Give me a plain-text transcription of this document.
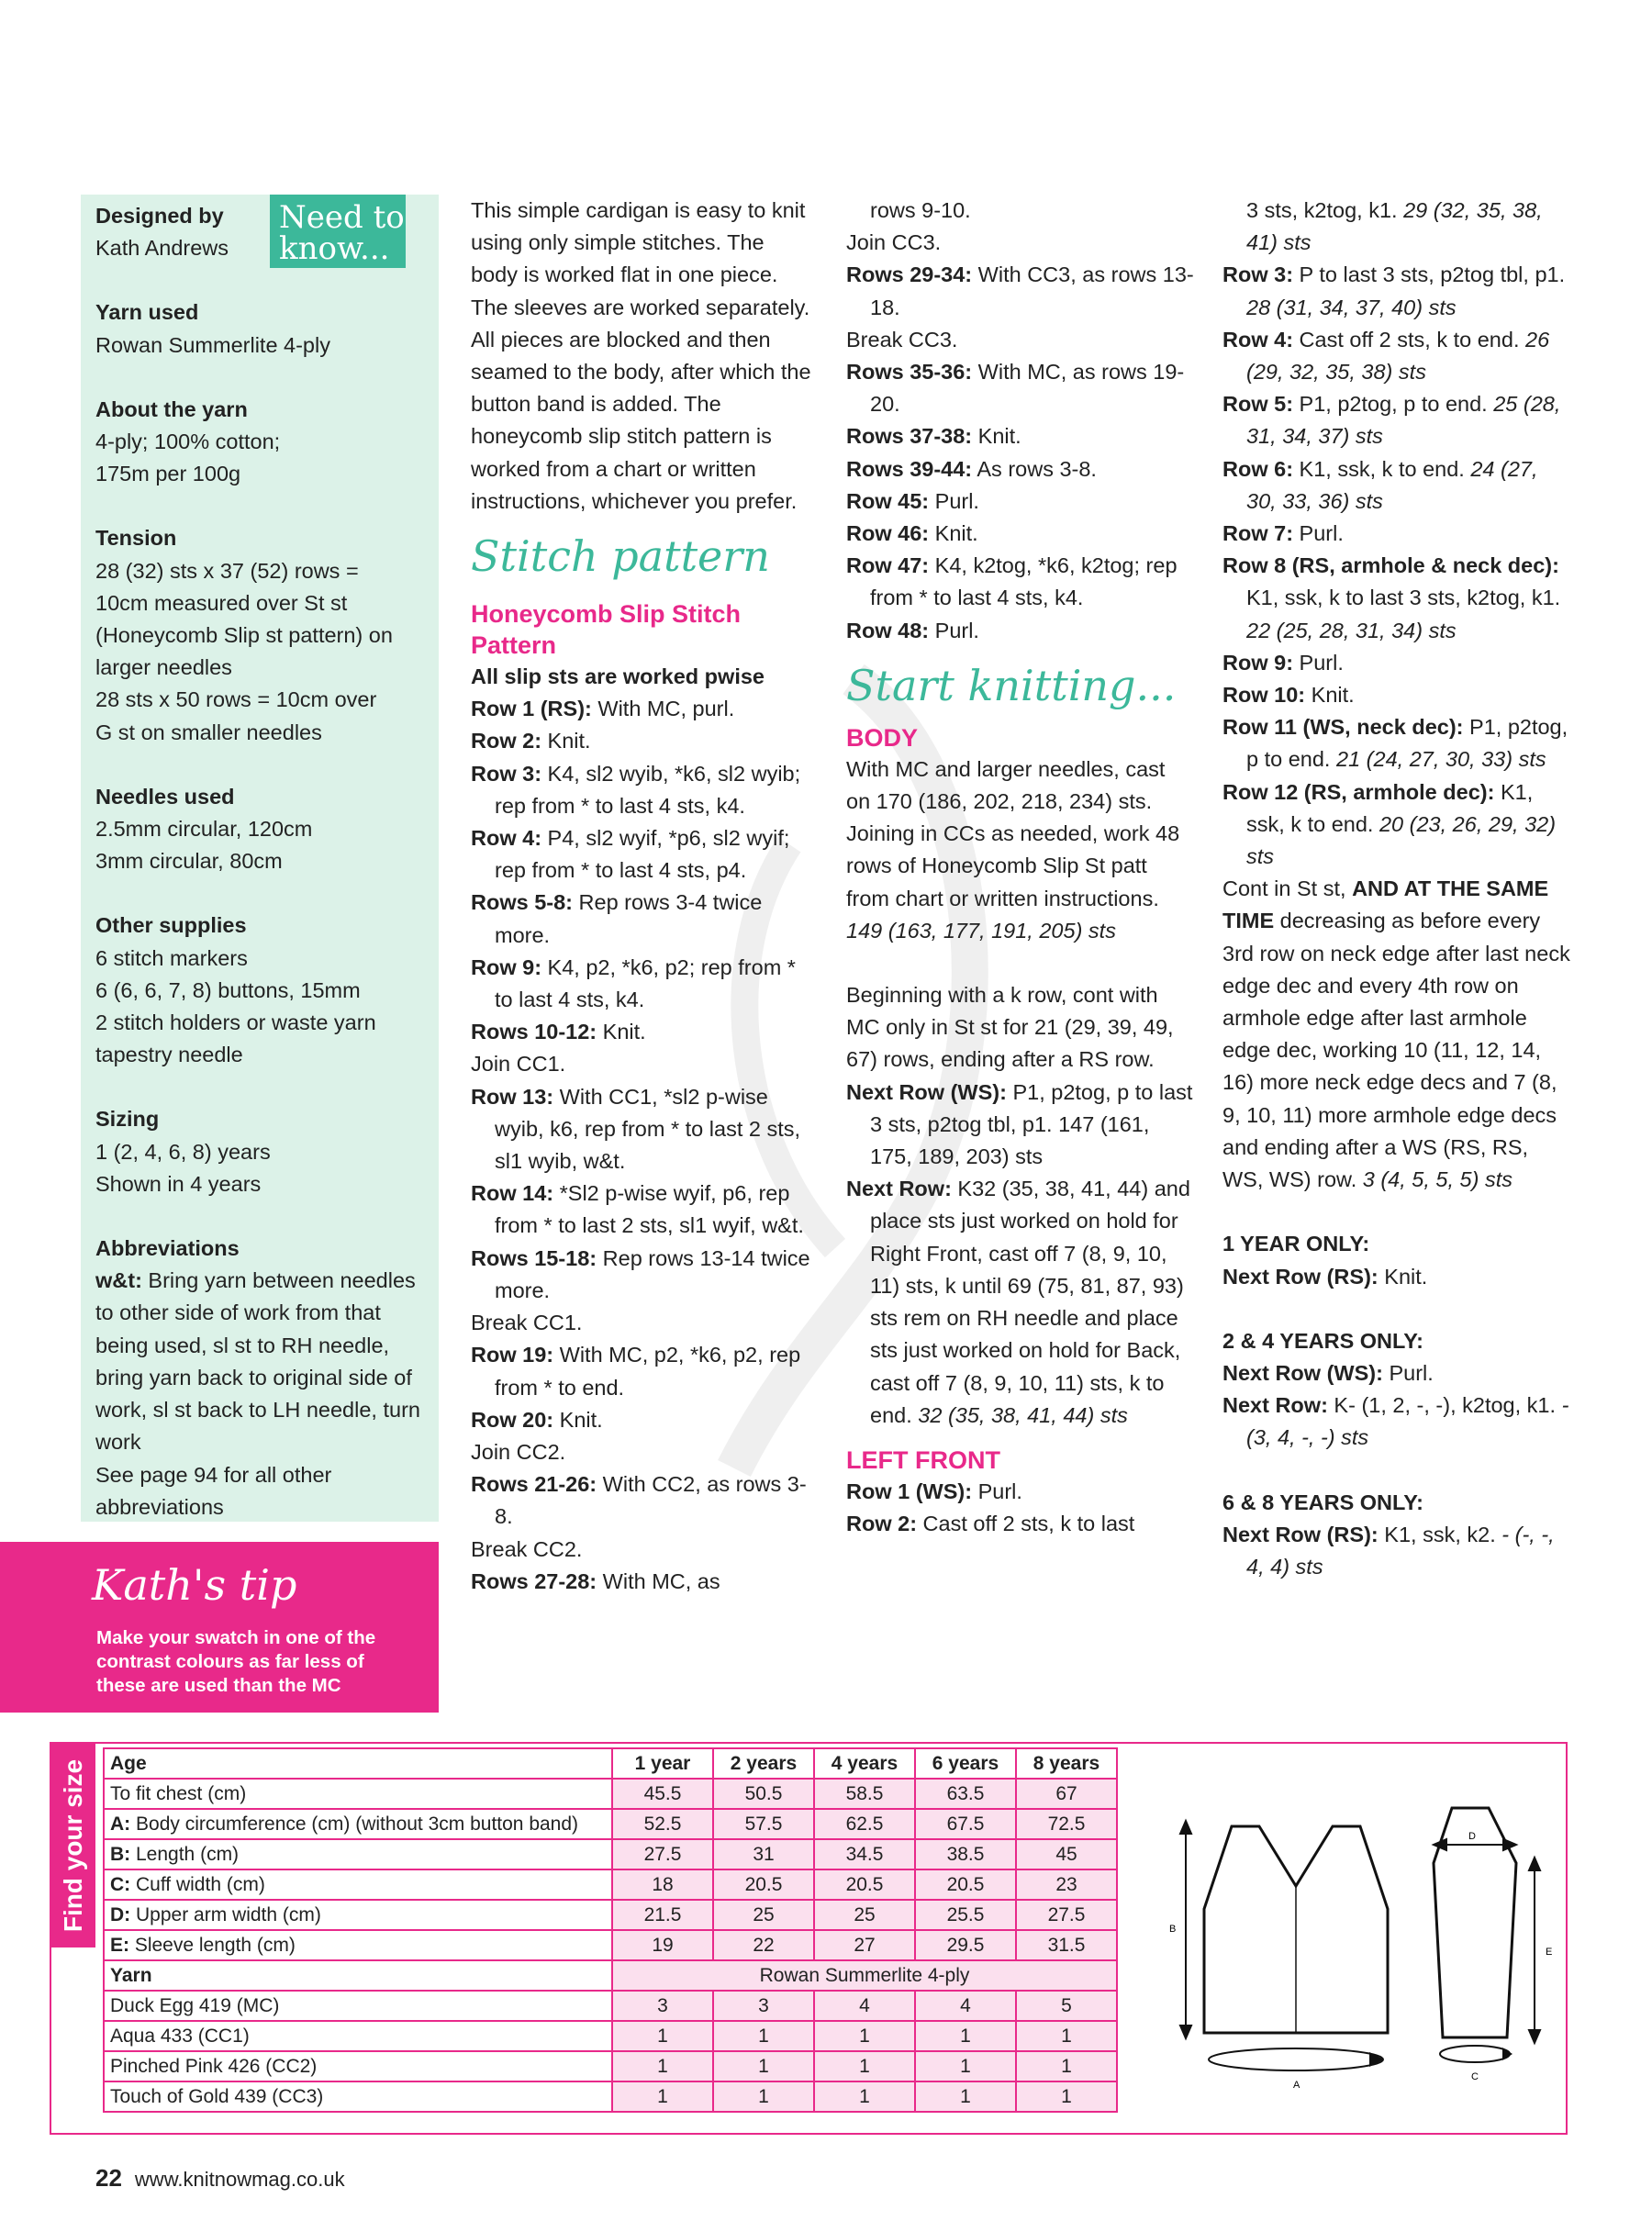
Need to know...

Designed by

Kath Andrews

Yarn used

Rowan Summerlite 4-ply

About the yarn

4-ply; 100% cotton;

175m per 100g

Tension

28 (32) sts x 37 (52) rows =

10cm measured over St st

(Honeycomb Slip st pattern) on

larger needles

28 sts x 50 rows = 10cm over

G st on smaller needles

Needles used

2.5mm circular, 120cm

3mm circular, 80cm

Other supplies

6 stitch markers

6 (6, 6, 7, 8) buttons, 15mm

2 stitch holders or waste yarn

tapestry needle

Sizing

1 (2, 4, 6, 8) years

Shown in 4 years

Abbreviations

w&t: Bring yarn between needles to other side of work from that being used, sl st to RH needle, bring yarn back to original side of work, sl st back to LH needle, turn work

See page 94 for all other abbreviations

Kath's tip
Make your swatch in one of the contrast colours as far less of these are used than the MC

This simple cardigan is easy to knit using only simple stitches. The body is worked flat in one piece. The sleeves are worked separately. All pieces are blocked and then seamed to the body, after which the button band is added. The honeycomb slip stitch pattern is worked from a chart or written instructions, whichever you prefer.

Stitch pattern
Honeycomb Slip Stitch Pattern

All slip sts are worked pwise

Row 1 (RS): With MC, purl.

Row 2: Knit.

Row 3: K4, sl2 wyib, *k6, sl2 wyib; rep from * to last 4 sts, k4.

Row 4: P4, sl2 wyif, *p6, sl2 wyif; rep from * to last 4 sts, p4.

Rows 5-8: Rep rows 3-4 twice more.

Row 9: K4, p2, *k6, p2; rep from * to last 4 sts, k4.

Rows 10-12: Knit.

Join CC1.

Row 13: With CC1, *sl2 p-wise wyib, k6, rep from * to last 2 sts, sl1 wyib, w&t.

Row 14: *Sl2 p-wise wyif, p6, rep from * to last 2 sts, sl1 wyif, w&t.

Rows 15-18: Rep rows 13-14 twice more.

Break CC1.

Row 19: With MC, p2, *k6, p2, rep from * to end.

Row 20: Knit.

Join CC2.

Rows 21-26: With CC2, as rows 3-8.

Break CC2.

Rows 27-28: With MC, as

rows 9-10.

Join CC3.

Rows 29-34: With CC3, as rows 13-18.

Break CC3.

Rows 35-36: With MC, as rows 19-20.

Rows 37-38: Knit.

Rows 39-44: As rows 3-8.

Row 45: Purl.

Row 46: Knit.

Row 47: K4, k2tog, *k6, k2tog; rep from * to last 4 sts, k4.

Row 48: Purl.

Start knitting...
BODY

With MC and larger needles, cast on 170 (186, 202, 218, 234) sts. Joining in CCs as needed, work 48 rows of Honeycomb Slip St patt from chart or written instructions. 149 (163, 177, 191, 205) sts

Beginning with a k row, cont with MC only in St st for 21 (29, 39, 49, 67) rows, ending after a RS row.

Next Row (WS): P1, p2tog, p to last 3 sts, p2tog tbl, p1. 147 (161, 175, 189, 203) sts

Next Row: K32 (35, 38, 41, 44) and place sts just worked on hold for Right Front, cast off 7 (8, 9, 10, 11) sts, k until 69 (75, 81, 87, 93) sts rem on RH needle and place sts just worked on hold for Back, cast off 7 (8, 9, 10, 11) sts, k to end. 32 (35, 38, 41, 44) sts

LEFT FRONT

Row 1 (WS): Purl.

Row 2: Cast off 2 sts, k to last

3 sts, k2tog, k1. 29 (32, 35, 38, 41) sts

Row 3: P to last 3 sts, p2tog tbl, p1. 28 (31, 34, 37, 40) sts

Row 4: Cast off 2 sts, k to end. 26 (29, 32, 35, 38) sts

Row 5: P1, p2tog, p to end. 25 (28, 31, 34, 37) sts

Row 6: K1, ssk, k to end. 24 (27, 30, 33, 36) sts

Row 7: Purl.

Row 8 (RS, armhole & neck dec): K1, ssk, k to last 3 sts, k2tog, k1. 22 (25, 28, 31, 34) sts

Row 9: Purl.

Row 10: Knit.

Row 11 (WS, neck dec): P1, p2tog, p to end. 21 (24, 27, 30, 33) sts

Row 12 (RS, armhole dec): K1, ssk, k to end. 20 (23, 26, 29, 32) sts

Cont in St st, AND AT THE SAME TIME decreasing as before every 3rd row on neck edge after last neck edge dec and every 4th row on armhole edge after last armhole edge dec, working 10 (11, 12, 14, 16) more neck edge decs and 7 (8, 9, 10, 11) more armhole edge decs and ending after a WS (RS, RS, WS, WS) row. 3 (4, 5, 5, 5) sts

1 YEAR ONLY:

Next Row (RS): Knit.

2 & 4 YEARS ONLY:

Next Row (WS): Purl.

Next Row: K- (1, 2, -, -), k2tog, k1. - (3, 4, -, -) sts

6 & 8 YEARS ONLY:

Next Row (RS): K1, ssk, k2. - (-, -, 4, 4) sts

Find your size Age	1 year	2 years	4 years	6 years	8 years
To fit chest (cm)	45.5	50.5	58.5	63.5	67
A: Body circumference (cm) (without 3cm button band)	52.5	57.5	62.5	67.5	72.5
B: Length (cm)	27.5	31	34.5	38.5	45
C: Cuff width (cm)	18	20.5	20.5	20.5	23
D: Upper arm width (cm)	21.5	25	25	25.5	27.5
E: Sleeve length (cm)	19	22	27	29.5	31.5
Yarn	Rowan Summerlite 4-ply				
Duck Egg 419 (MC)	3	3	4	4	5
Aqua 433 (CC1)	1	1	1	1	1
Pinched Pink 426 (CC2)	1	1	1	1	1
Touch of Gold 439 (CC3)	1	1	1	1	1
A
B
C
D
E
22 www.knitnowmag.co.uk
